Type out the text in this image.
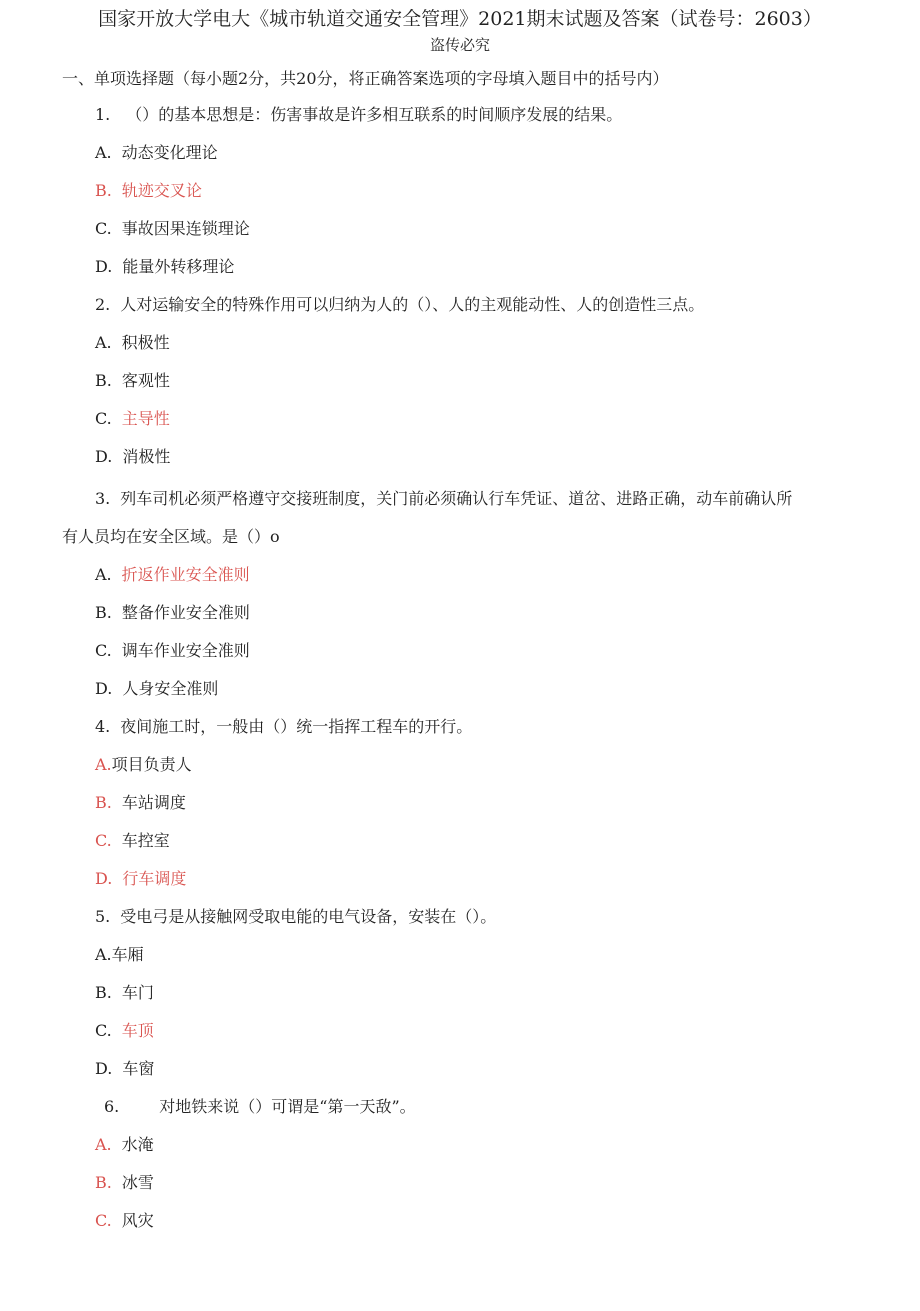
国家开放大学电大《城市轨道交通安全管理》2021期末试题及答案（试卷号：2603）
盗传必究
一、单项选择题（每小题2分，共20分，将正确答案选项的字母填入题目中的括号内）
1. （）的基本思想是：伤害事故是许多相互联系的时间顺序发展的结果。
A. 动态变化理论
B. 轨迹交叉论
C. 事故因果连锁理论
D. 能量外转移理论
2. 人对运输安全的特殊作用可以归纳为人的（）、人的主观能动性、人的创造性三点。
A. 积极性
B. 客观性
C. 主导性
D. 消极性
3. 列车司机必须严格遵守交接班制度，关门前必须确认行车凭证、道岔、进路正确，动车前确认所
有人员均在安全区域。是（）o
A. 折返作业安全准则
B. 整备作业安全准则
C. 调车作业安全准则
D. 人身安全准则
4. 夜间施工时，一般由（）统一指挥工程车的开行。
A.项目负责人
B. 车站调度
C. 车控室
D. 行车调度
5. 受电弓是从接触网受取电能的电气设备，安装在（）。
A.车厢
B. 车门
C. 车顶
D. 车窗
6.	对地铁来说（）可谓是“第一天敌”。
A. 水淹
B. 冰雪
C. 风灾
